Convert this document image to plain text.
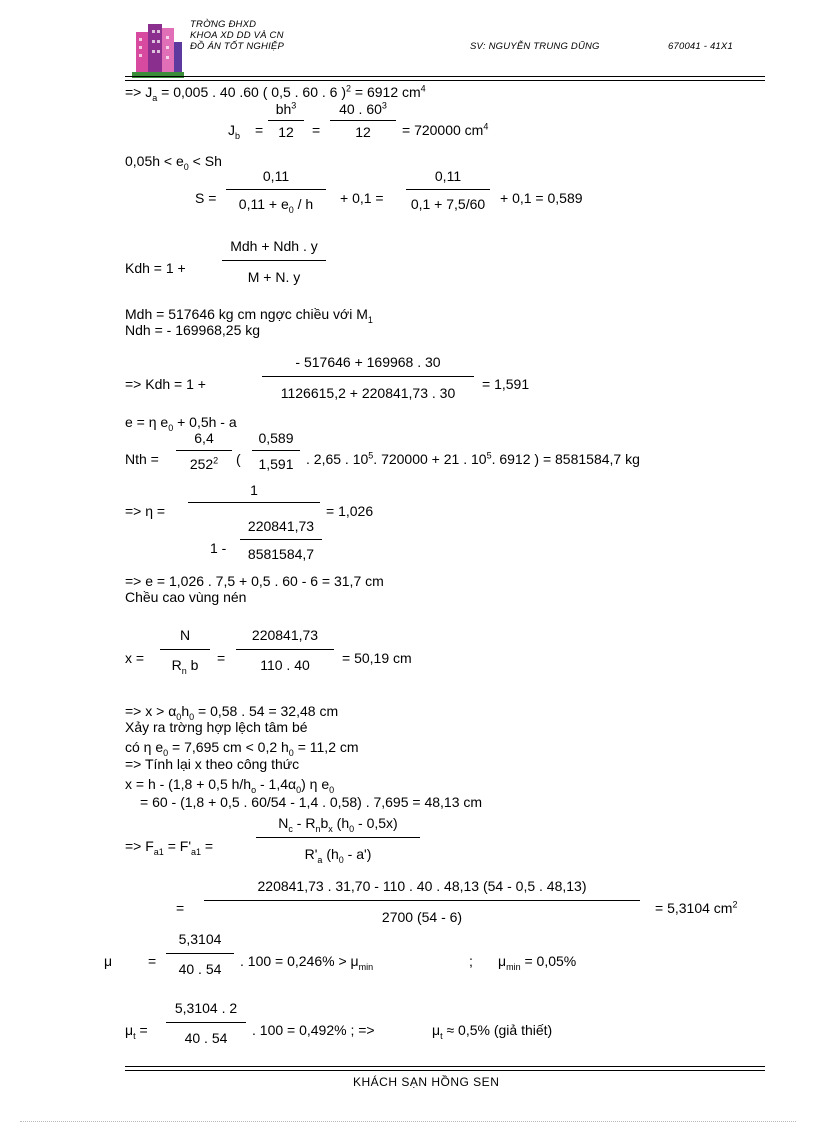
TRỜNG ĐHXD
KHOA XD DD VÀ CN
ĐỒ ÁN TỐT NGHIỆP	SV: NGUYỄN TRUNG DŨNG	670041 - 41X1
=> $J_a = 0,005$ . 40 .60 ( 0,5 . 60 . 6 )$^2$ = 6912 $cm^4$
$J_b$ =
$bh^3$
12	=
40 . $60^3$
12	= 720000 $cm^4$
$0,05h < e_0 < Sh$
S =
0,11
$0,11 + e_0 / h$	+ 0,1 =
0,11
0,1 + 7,5/60	+ 0,1 = 0,589
Kdh = 1 +
Mdh + Ndh . y
M + N. y
Mdh = 517646 kg cm ngợc chiều với $M_1$
Ndh = - 169968,25 kg
=> Kdh = 1 +
- 517646 + 169968 . 30
1126615,2 + 220841,73 . 30
= 1,591
e = η $e_0 + 0,5h - a$
Nth =
6,4
$252^2$	(
0,589
1,591 . 2,65 . $10^5$. 720000 + 21 . $10^5$. 6912 ) = 8581584,7 kg
=> η =
1
= 1,026
1 -
220841,73
8581584,7
=> e = 1,026 . 7,5 + 0,5 . 60 - 6 = 31,7 cm
Chều cao vùng nén
x =
N
$R_n$ b	=
220841,73
110 . 40	= 50,19 cm
=> $x > \alpha_0h_0 = 0,58$ . 54 = 32,48 cm
Xảy ra trờng hợp lệch tâm bé
có η $e_0 = 7,695$ cm < 0,2 $h_0 = 11,2$ cm
=> Tính lại x theo công thức
x = h - (1,8 + 0,5 $h/h_o - 1,4\alpha_0$) η $e_0$
= 60 - (1,8 + 0,5 . 60/54 - 1,4 . 0,58) . 7,695 = 48,13 cm
=> $F_{a1} = F'_{a1}$ =
$N_c - R_nb_x$ $(h_0 - 0,5x)$
$R'_a$ $(h_0 - a')$
=
220841,73 . 31,70 - 110 . 40 . 48,13 (54 - 0,5 . 48,13)
2700 (54 - 6)
= 5,3104 $cm^2$
μ	=
5,3104
40 . 54	. $100 = 0,246\% > \mu_{min}$	; $\mu_{min} = 0,05\%$
$\mu_t$ =
5,3104 . 2
40 . 54	. 100 = 0,492% ; =>	$\mu_t \approx 0,5\%$ (giả thiết)
KHÁCH SẠN HỒNG SEN
